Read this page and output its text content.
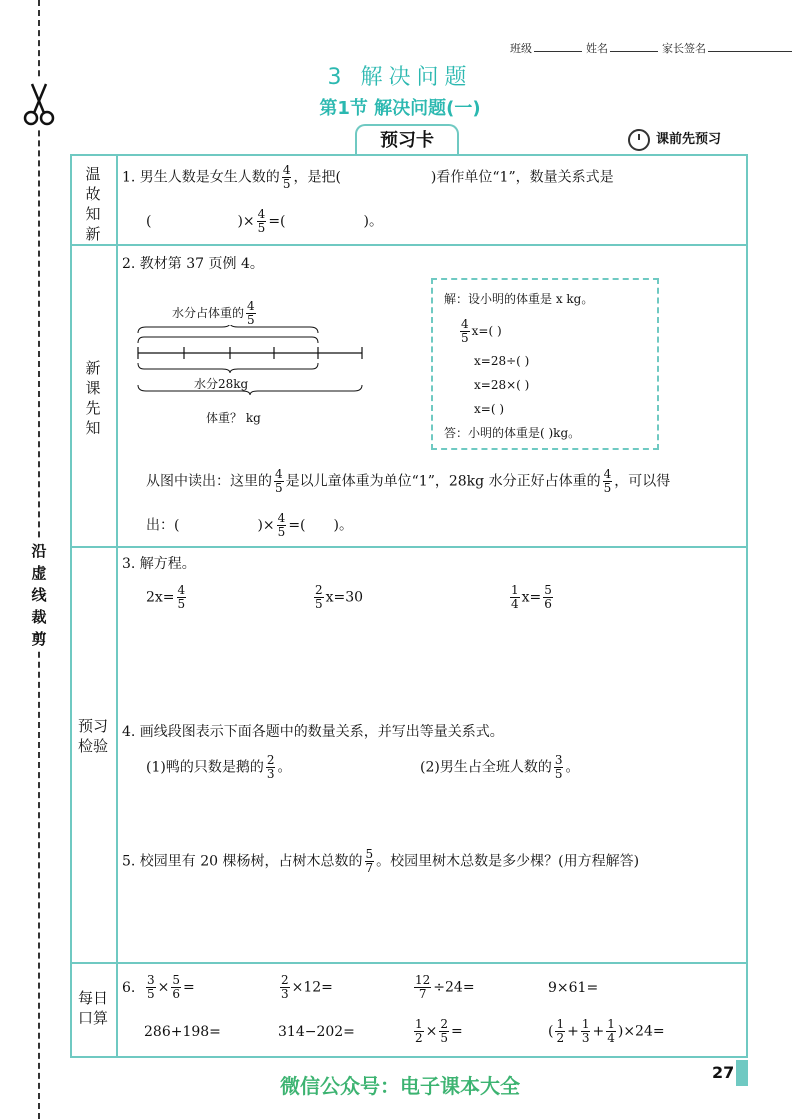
沿虚线裁剪
班级	姓名	家长签名
3 解决问题
第1节 解决问题(一)
预习卡	课前先预习
温故知新
新课先知
预习检验
每日口算
1. 男生人数是女生人数的 $\frac{4}{5}$ ，是把(	)看作单位“1”，数量关系式是
(	)× $\frac{4}{5}$ =(	)。
2. 教材第 37 页例 4。
水分占体重的 $\frac{4}{5}$
水分28kg
体重？ kg
解：设小明的体重是 x kg。
$\frac{4}{5} x=$( )
x=28÷( )
x=28×( )
x=( )
答：小明的体重是( )kg。
从图中读出：这里的 $\frac{4}{5}$ 是以儿童体重为单位“1”，28kg 水分正好占体重的 $\frac{4}{5}$ ，可以得
出：(	)× $\frac{4}{5}$ =( )。
3. 解方程。
$2x= \frac{4}{5}$	$\frac{2}{5} x=30$	$\frac{1}{4} x= \frac{5}{6}$
4. 画线段图表示下面各题中的数量关系，并写出等量关系式。
(1)鸭的只数是鹅的 $\frac{2}{3}$ 。	(2)男生占全班人数的 $\frac{3}{5}$ 。
5. 校园里有 20 棵杨树，占树木总数的 $\frac{5}{7}$ 。校园里树木总数是多少棵？(用方程解答)
6. $\frac{3}{5} \times \frac{5}{6}$ =	$\frac{2}{3} \times 12=$	$\frac{12}{7} \div 24=$	9×61=
286+198=	314−202=	$\frac{1}{2} \times \frac{2}{5}$ =	( $\frac{1}{2} + \frac{1}{3} + \frac{1}{4} )\times 24=$
微信公众号：电子课本大全
27
